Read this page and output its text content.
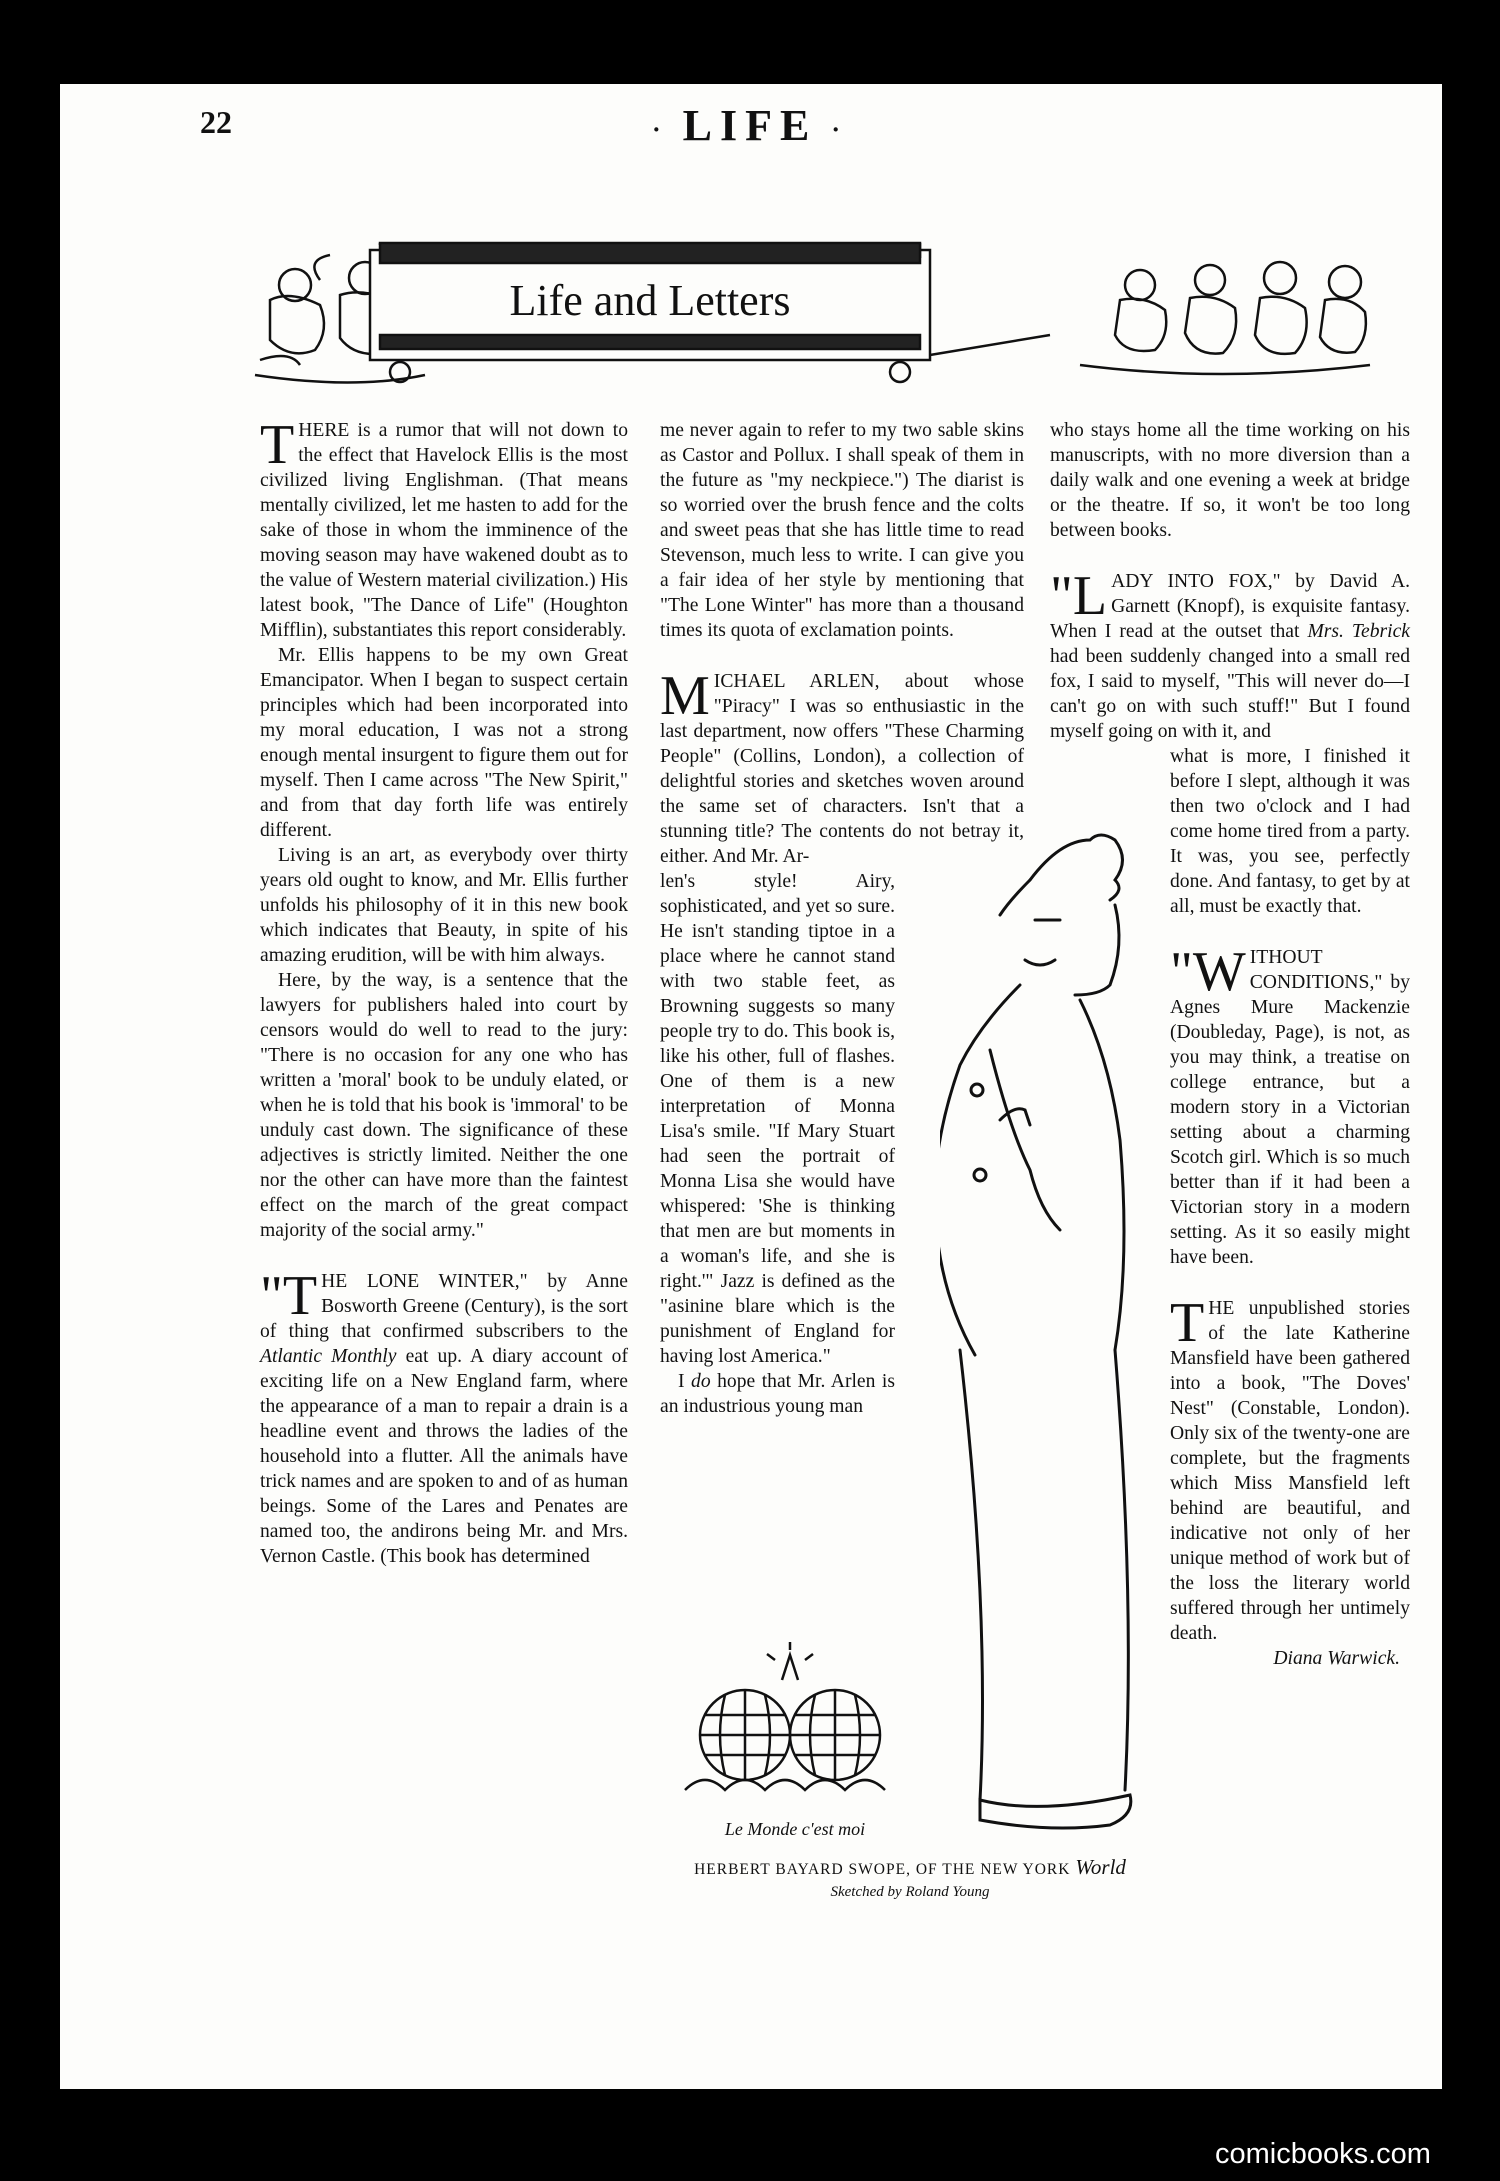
22	· LIFE ·
Life and Letters

THERE is a rumor that will not down to the effect that Havelock Ellis is the most civilized living Englishman. (That means mentally civilized, let me hasten to add for the sake of those in whom the imminence of the moving season may have wakened doubt as to the value of Western material civilization.) His latest book, "The Dance of Life" (Houghton Mifflin), substantiates this report considerably.

Mr. Ellis happens to be my own Great Emancipator. When I began to suspect certain principles which had been incorporated into my moral education, I was not a strong enough mental insurgent to figure them out for myself. Then I came across "The New Spirit," and from that day forth life was entirely different.

Living is an art, as everybody over thirty years old ought to know, and Mr. Ellis further unfolds his philosophy of it in this new book which indicates that Beauty, in spite of his amazing erudition, will be with him always.

Here, by the way, is a sentence that the lawyers for publishers haled into court by censors would do well to read to the jury: "There is no occasion for any one who has written a 'moral' book to be unduly elated, or when he is told that his book is 'immoral' to be unduly cast down. The significance of these adjectives is strictly limited. Neither the one nor the other can have more than the faintest effect on the march of the great compact majority of the social army."

"THE LONE WINTER," by Anne Bosworth Greene (Century), is the sort of thing that confirmed subscribers to the Atlantic Monthly eat up. A diary account of exciting life on a New England farm, where the appearance of a man to repair a drain is a headline event and throws the ladies of the household into a flutter. All the animals have trick names and are spoken to and of as human beings. Some of the Lares and Penates are named too, the andirons being Mr. and Mrs. Vernon Castle. (This book has determined

me never again to refer to my two sable skins as Castor and Pollux. I shall speak of them in the future as "my neckpiece.") The diarist is so worried over the brush fence and the colts and sweet peas that she has little time to read Stevenson, much less to write. I can give you a fair idea of her style by mentioning that "The Lone Winter" has more than a thousand times its quota of exclamation points.

MICHAEL ARLEN, about whose "Piracy" I was so enthusiastic in the last department, now offers "These Charming People" (Collins, London), a collection of delightful stories and sketches woven around the same set of characters. Isn't that a stunning title? The contents do not betray it, either. And Mr. Ar-

len's style! Airy, sophisticated, and yet so sure. He isn't standing tiptoe in a place where he cannot stand with two stable feet, as Browning suggests so many people try to do. This book is, like his other, full of flashes. One of them is a new interpretation of Monna Lisa's smile. "If Mary Stuart had seen the portrait of Monna Lisa she would have whispered: 'She is thinking that men are but moments in a woman's life, and she is right.'" Jazz is defined as the "asinine blare which is the punishment of England for having lost America."

I do hope that Mr. Arlen is an industrious young man

who stays home all the time working on his manuscripts, with no more diversion than a daily walk and one evening a week at bridge or the theatre. If so, it won't be too long between books.

"LADY INTO FOX," by David A. Garnett (Knopf), is exquisite fantasy. When I read at the outset that Mrs. Tebrick had been suddenly changed into a small red fox, I said to myself, "This will never do—I can't go on with such stuff!" But I found myself going on with it, and

what is more, I finished it before I slept, although it was then two o'clock and I had come home tired from a party. It was, you see, perfectly done. And fantasy, to get by at all, must be exactly that.

"WITHOUT CONDITIONS," by Agnes Mure Mackenzie (Doubleday, Page), is not, as you may think, a treatise on college entrance, but a modern story in a Victorian setting about a charming Scotch girl. Which is so much better than if it had been a Victorian story in a modern setting. As it so easily might have been.

THE unpublished stories of the late Katherine Mansfield have been gathered into a book, "The Doves' Nest" (Constable, London). Only six of the twenty-one are complete, but the fragments which Miss Mansfield left behind are beautiful, and indicative not only of her unique method of work but of the loss the literary world suffered through her untimely death.

Diana Warwick.
Le Monde c'est moi
HERBERT BAYARD SWOPE, OF THE NEW YORK World
Sketched by Roland Young
comicbooks.com
